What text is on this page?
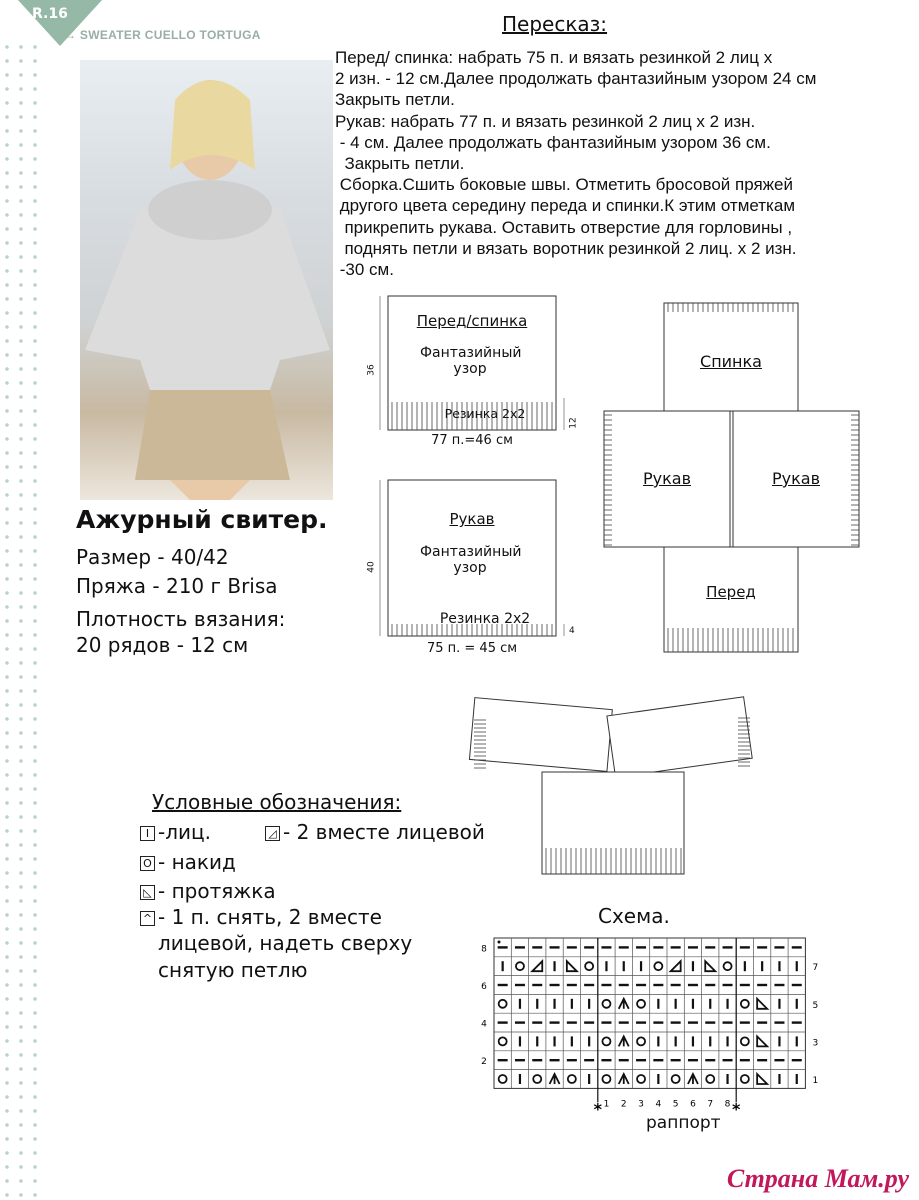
R.16
→ SWEATER CUELLO TORTUGA
Ажурный свитер.
Размер - 40/42
Пряжа - 210 г Brisa
Плотность вязания:
20 рядов - 12 см
Пересказ:
Перед/ спинка: набрать 75 п. и вязать резинкой 2 лиц х
2 изн. - 12 см.Далее продолжать фантазийным узором 24 см
Закрыть петли.
Рукав: набрать 77 п. и вязать резинкой 2 лиц х 2 изн.
- 4 см. Далее продолжать фантазийным узором 36 см.
Закрыть петли.
Сборка.Сшить боковые швы. Отметить бросовой пряжей
другого цвета середину переда и спинки.К этим отметкам
прикрепить рукава. Оставить отверстие для горловины ,
поднять петли и вязать воротник резинкой 2 лиц. х 2 изн.
-30 см.
Перед/спинка
Фантазийный узор
Резинка 2х2
36
12
77 п.=46 см
Рукав
Фантазийный узор
Резинка 2х2
40
4
75 п. = 45 см
Спинка
Рукав	Рукав
Перед
Условные обозначения:
I -лиц.	◿ - 2 вместе лицевой
O - накид
◺ - протяжка
^ - 1 п. снять, 2 вместе
лицевой, надеть сверху
снятую петлю
Схема.
8
7
6
5
4
3
2
1
*	*
1 2 3 4 5 6 7 8
раппорт
Страна Мам.ру
